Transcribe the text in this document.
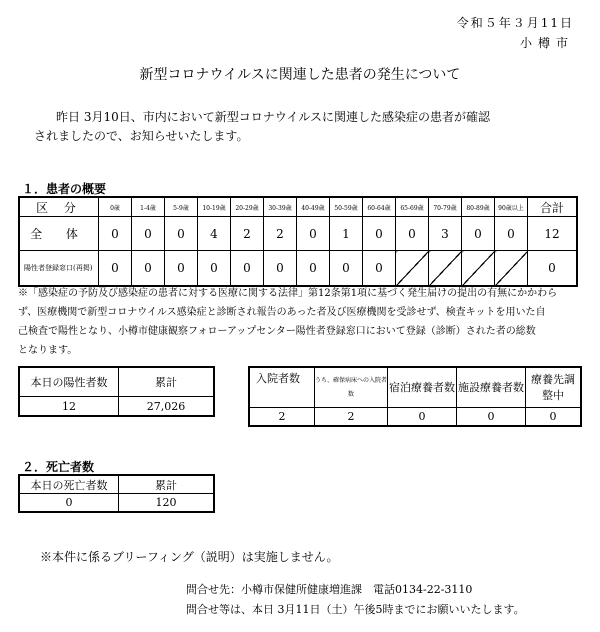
令和５年３月11日
小樽市
新型コロナウイルスに関連した患者の発生について
昨日 3月10日、市内において新型コロナウイルスに関連した感染症の患者が確認
されましたので、お知らせいたします。
１．患者の概要
区 分	0歳	1-4歳	5-9歳	10-19歳	20-29歳	30-39歳	40-49歳	50-59歳	60-64歳	65-69歳	70-79歳	80-89歳	90歳以上	合計
全 体	0	0	0	4	2	2	0	1	0	0	3	0	0	12
陽性者登録窓口(再掲)	0	0	0	0	0	0	0	0	0					0
※「感染症の予防及び感染症の患者に対する医療に関する法律」第12条第1項に基づく発生届けの提出の有無にかかわら
ず、医療機関で新型コロナウイルス感染症と診断され報告のあった者及び医療機関を受診せず、検査キットを用いた自
己検査で陽性となり、小樽市健康観察フォローアップセンター陽性者登録窓口において登録（診断）された者の総数
となります。
本日の陽性者数	累計
12	27,026
入院者数	うち、確保病床への入院者数	宿泊療養者数	施設療養者数	療養先調整中
2	2	0	0	0
２．死亡者数
本日の死亡者数	累計
0	120
※本件に係るブリーフィング（説明）は実施しません。
問合せ先：小樽市保健所健康増進課　電話0134-22-3110
問合せ等は、本日 3月11日（土）午後5時までにお願いいたします。
